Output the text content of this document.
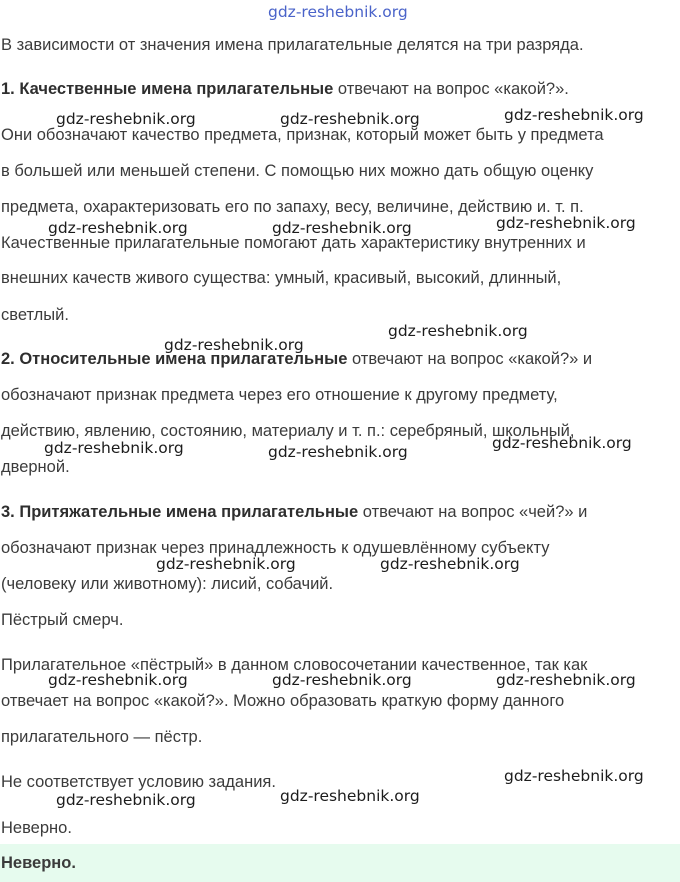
gdz-reshebnik.org
В зависимости от значения имена прилагательные делятся на три разряда.
1. Качественные имена прилагательные отвечают на вопрос «какой?».
Они обозначают качество предмета, признак, который может быть у предмета
в большей или меньшей степени. С помощью них можно дать общую оценку
предмета, охарактеризовать его по запаху, весу, величине, действию и. т. п.
Качественные прилагательные помогают дать характеристику внутренних и
внешних качеств живого существа: умный, красивый, высокий, длинный,
светлый.
2. Относительные имена прилагательные отвечают на вопрос «какой?» и
обозначают признак предмета через его отношение к другому предмету,
действию, явлению, состоянию, материалу и т. п.: серебряный, школьный,
дверной.
3. Притяжательные имена прилагательные отвечают на вопрос «чей?» и
обозначают признак через принадлежность к одушевлённому субъекту
(человеку или животному): лисий, собачий.
Пёстрый смерч.
Прилагательное «пёстрый» в данном словосочетании качественное, так как
отвечает на вопрос «какой?». Можно образовать краткую форму данного
прилагательного — пёстр.
Не соответствует условию задания.
Неверно.
Неверно.
gdz-reshebnik.org	gdz-reshebnik.org	gdz-reshebnik.org
gdz-reshebnik.org	gdz-reshebnik.org	gdz-reshebnik.org
gdz-reshebnik.org
gdz-reshebnik.org
gdz-reshebnik.org	gdz-reshebnik.org	gdz-reshebnik.org
gdz-reshebnik.org	gdz-reshebnik.org
gdz-reshebnik.org	gdz-reshebnik.org	gdz-reshebnik.org
gdz-reshebnik.org
gdz-reshebnik.org	gdz-reshebnik.org
